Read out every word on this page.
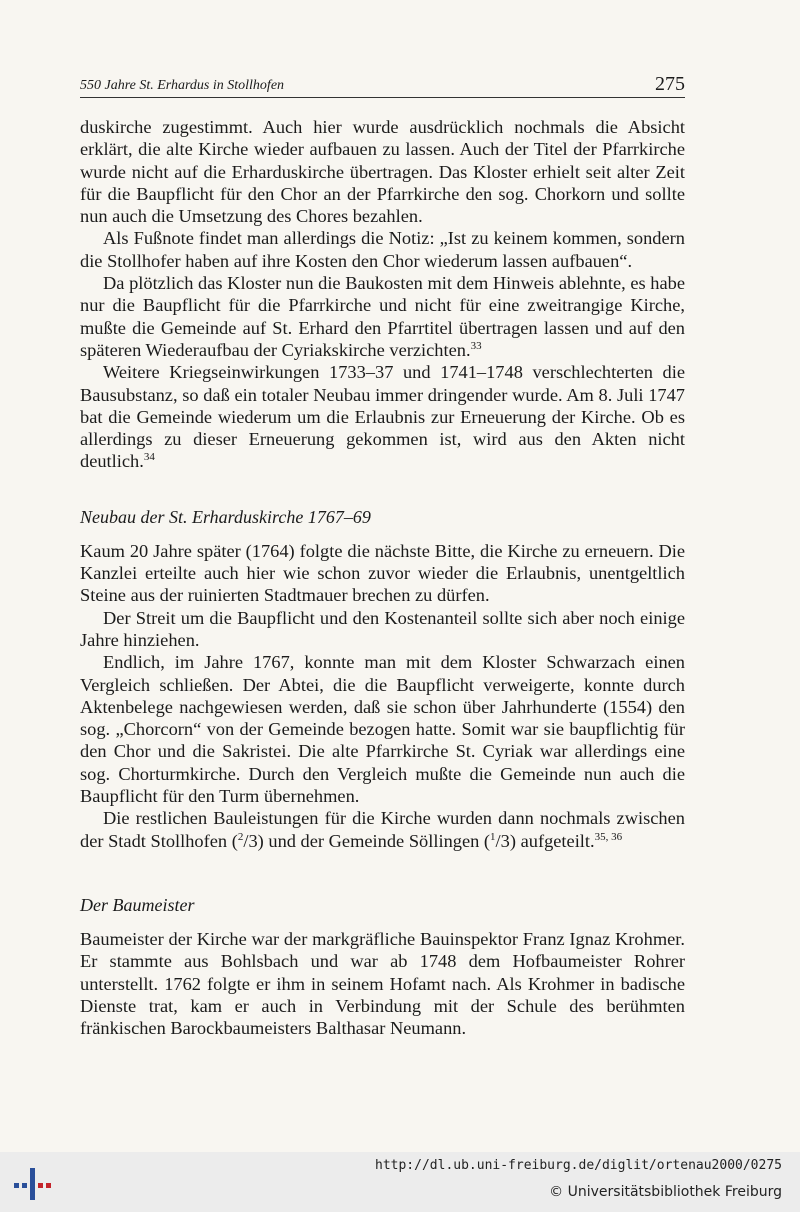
550 Jahre St. Erhardus in Stollhofen	275

duskirche zugestimmt. Auch hier wurde ausdrücklich nochmals die Absicht erklärt, die alte Kirche wieder aufbauen zu lassen. Auch der Titel der Pfarrkirche wurde nicht auf die Erharduskirche übertragen. Das Kloster erhielt seit alter Zeit für die Baupflicht für den Chor an der Pfarrkirche den sog. Chorkorn und sollte nun auch die Umsetzung des Chores bezahlen.

Als Fußnote findet man allerdings die Notiz: „Ist zu keinem kommen, sondern die Stollhofer haben auf ihre Kosten den Chor wiederum lassen aufbauen“.

Da plötzlich das Kloster nun die Baukosten mit dem Hinweis ablehnte, es habe nur die Baupflicht für die Pfarrkirche und nicht für eine zweitrangige Kirche, mußte die Gemeinde auf St. Erhard den Pfarrtitel übertragen lassen und auf den späteren Wiederaufbau der Cyriakskirche verzichten.$^{33}$

Weitere Kriegseinwirkungen 1733–37 und 1741–1748 verschlechterten die Bausubstanz, so daß ein totaler Neubau immer dringender wurde. Am 8. Juli 1747 bat die Gemeinde wiederum um die Erlaubnis zur Erneuerung der Kirche. Ob es allerdings zu dieser Erneuerung gekommen ist, wird aus den Akten nicht deutlich.$^{34}$

Neubau der St. Erharduskirche 1767–69

Kaum 20 Jahre später (1764) folgte die nächste Bitte, die Kirche zu erneuern. Die Kanzlei erteilte auch hier wie schon zuvor wieder die Erlaubnis, unentgeltlich Steine aus der ruinierten Stadtmauer brechen zu dürfen.

Der Streit um die Baupflicht und den Kostenanteil sollte sich aber noch einige Jahre hinziehen.

Endlich, im Jahre 1767, konnte man mit dem Kloster Schwarzach einen Vergleich schließen. Der Abtei, die die Baupflicht verweigerte, konnte durch Aktenbelege nachgewiesen werden, daß sie schon über Jahrhunderte (1554) den sog. „Chorcorn“ von der Gemeinde bezogen hatte. Somit war sie baupflichtig für den Chor und die Sakristei. Die alte Pfarrkirche St. Cyriak war allerdings eine sog. Chorturmkirche. Durch den Vergleich mußte die Gemeinde nun auch die Baupflicht für den Turm übernehmen.

Die restlichen Bauleistungen für die Kirche wurden dann nochmals zwischen der Stadt Stollhofen ($^2$/3) und der Gemeinde Söllingen ($^1$/3) aufgeteilt.$^{35, 36}$

Der Baumeister

Baumeister der Kirche war der markgräfliche Bauinspektor Franz Ignaz Krohmer. Er stammte aus Bohlsbach und war ab 1748 dem Hofbaumeister Rohrer unterstellt. 1762 folgte er ihm in seinem Hofamt nach. Als Krohmer in badische Dienste trat, kam er auch in Verbindung mit der Schule des berühmten fränkischen Barockbaumeisters Balthasar Neumann.

http://dl.ub.uni-freiburg.de/diglit/ortenau2000/0275
© Universitätsbibliothek Freiburg
